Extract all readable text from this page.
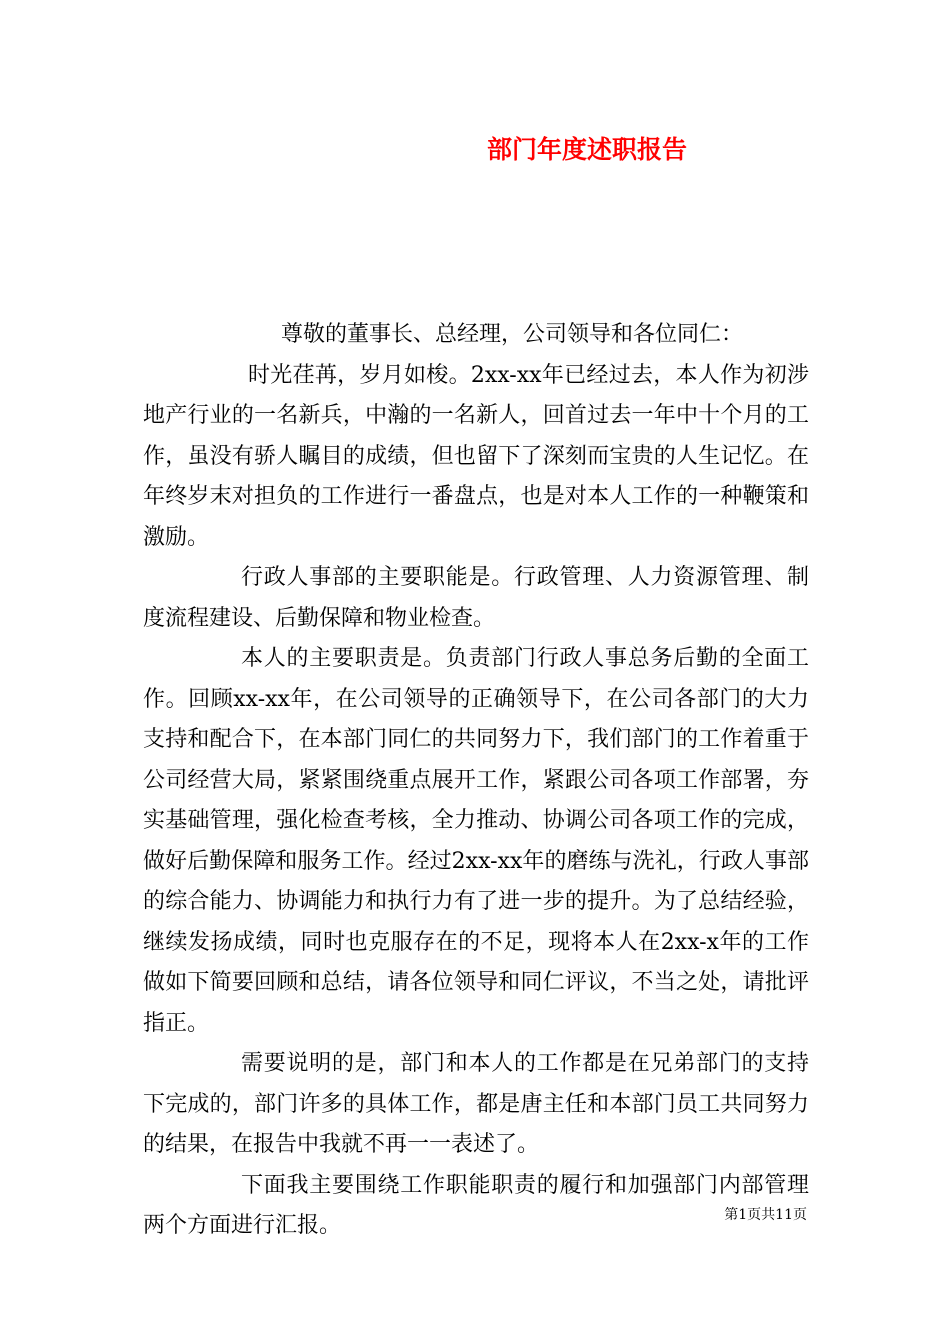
部门年度述职报告

尊敬的董事长、总经理，公司领导和各位同仁：

时光荏苒，岁月如梭。2xx-xx年已经过去，本人作为初涉地产行业的一名新兵，中瀚的一名新人，回首过去一年中十个月的工作，虽没有骄人瞩目的成绩，但也留下了深刻而宝贵的人生记忆。在年终岁末对担负的工作进行一番盘点，也是对本人工作的一种鞭策和激励。

行政人事部的主要职能是。行政管理、人力资源管理、制度流程建设、后勤保障和物业检查。

本人的主要职责是。负责部门行政人事总务后勤的全面工作。回顾xx-xx年，在公司领导的正确领导下，在公司各部门的大力支持和配合下，在本部门同仁的共同努力下，我们部门的工作着重于公司经营大局，紧紧围绕重点展开工作，紧跟公司各项工作部署，夯实基础管理，强化检查考核，全力推动、协调公司各项工作的完成，做好后勤保障和服务工作。经过2xx-xx年的磨练与洗礼，行政人事部的综合能力、协调能力和执行力有了进一步的提升。为了总结经验，继续发扬成绩，同时也克服存在的不足，现将本人在2xx-x年的工作做如下简要回顾和总结，请各位领导和同仁评议，不当之处，请批评指正。

需要说明的是，部门和本人的工作都是在兄弟部门的支持下完成的，部门许多的具体工作，都是唐主任和本部门员工共同努力的结果，在报告中我就不再一一表述了。

下面我主要围绕工作职能职责的履行和加强部门内部管理两个方面进行汇报。	第1页共11页
